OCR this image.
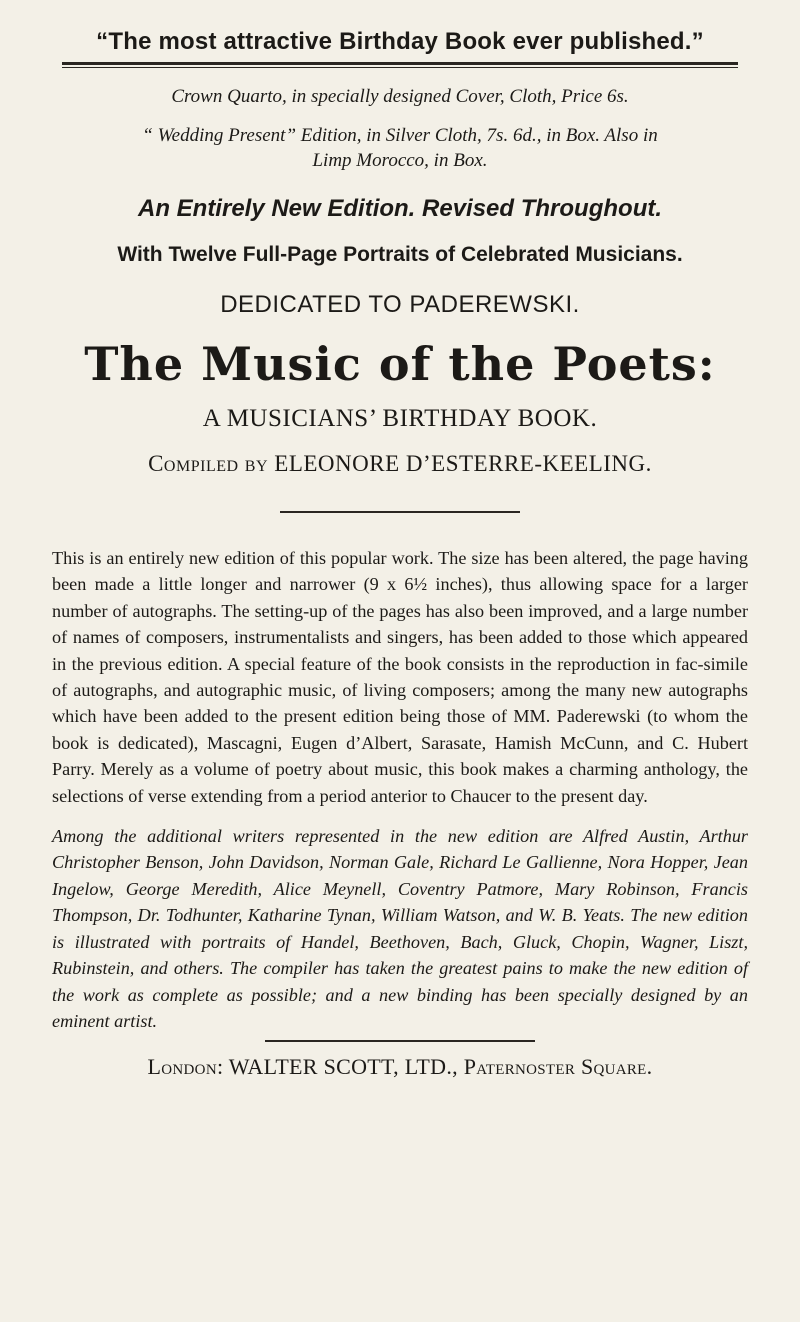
“The most attractive Birthday Book ever published.”

Crown Quarto, in specially designed Cover, Cloth, Price 6s.

“ Wedding Present” Edition, in Silver Cloth, 7s. 6d., in Box. Also in

Limp Morocco, in Box.

An Entirely New Edition. Revised Throughout.

With Twelve Full-Page Portraits of Celebrated Musicians.

DEDICATED TO PADEREWSKI.

The Music of the Poets:

A MUSICIANS’ BIRTHDAY BOOK.

Compiled by ELEONORE D’ESTERRE-KEELING.

This is an entirely new edition of this popular work. The size has been altered, the page having been made a little longer and narrower (9 x 6½ inches), thus allowing space for a larger number of autographs. The setting-up of the pages has also been improved, and a large number of names of composers, instrumentalists and singers, has been added to those which appeared in the previous edition. A special feature of the book consists in the reproduction in fac-simile of autographs, and autographic music, of living composers; among the many new autographs which have been added to the present edition being those of MM. Paderewski (to whom the book is dedicated), Mascagni, Eugen d’Albert, Sarasate, Hamish McCunn, and C. Hubert Parry. Merely as a volume of poetry about music, this book makes a charming anthology, the selections of verse extending from a period anterior to Chaucer to the present day.

Among the additional writers represented in the new edition are Alfred Austin, Arthur Christopher Benson, John Davidson, Norman Gale, Richard Le Gallienne, Nora Hopper, Jean Ingelow, George Meredith, Alice Meynell, Coventry Patmore, Mary Robinson, Francis Thompson, Dr. Todhunter, Katharine Tynan, William Watson, and W. B. Yeats. The new edition is illustrated with portraits of Handel, Beethoven, Bach, Gluck, Chopin, Wagner, Liszt, Rubinstein, and others. The compiler has taken the greatest pains to make the new edition of the work as complete as possible; and a new binding has been specially designed by an eminent artist.

London: WALTER SCOTT, LTD., Paternoster Square.
